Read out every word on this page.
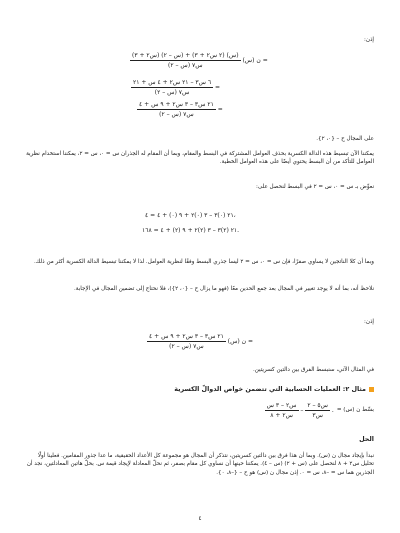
إذن:
$\frac{\text{(س٢ + ٣) (س – ٢) + (٢ س٢ + ٣) (س)}}{\text{س٧ (س – ٢)}}$ ن (س) =
$\frac{\text{٦ س٣ – ٢١ س٢ + ٤ س + ٢١}}{\text{س٧ (س – ٢)}}$ =
$\frac{\text{٢١ س٣ – ٣ س٢ + ٩ س + ٤}}{\text{س٧ (س – ٢)}}$ =
على المجال ح – {٠، ٢}.
يمكننا الآن تبسيط هذه الدالة الكسرية بحذف العوامل المشتركة في البسط والمقام، وبما أن المقام له الجذران س = ٠، س = ٢، يمكننا استخدام نظرية العوامل للتأكد من أن البسط يحتوي أيضًا على هذه العوامل الخطية.
نعوِّض بـ س = ٠، س = ٢ في البسط لنحصل على:
٢١ (٠)٣ – ٣ (٠)٢ + ٩ (٠) + ٤ = ٤،
٢١ (٢)٣ – ٣ (٢)٢ + ٩ (٢) + ٤ = ١٦٨.
وبما أن كلا الناتجين لا يساوي صفرًا، فإن س = ٠، س = ٢ ليسا جذري البسط وفقًا لنظرية العوامل. لذا لا يمكننا تبسيط الدالة الكسرية أكثر من ذلك.
نلاحظ أنه، بما أنه لا يوجد تغيير في المجال بعد جمع الحدين معًا (فهو ما يزال ح – {٠، ٢})، فلا نحتاج إلى تضمين المجال في الإجابة.
إذن:
$\frac{\text{٢١ س٣ – ٣ س٢ + ٩ س + ٤}}{\text{س٧ (س – ٢)}}$ ن (س) =
في المثال الآتي، سنبسط الفرق بين دالتين كسريتين.
مثال ٢: العمليات الحسابية التي تتضمن خواص الدوالّ الكسرية
بسِّط ن (س) =
$\frac{\text{س٢ – ٣ س}}{\text{س٢ + ٨}} - \frac{\text{س٥ – ٢}}{\text{س٣}}$ .
الحل
نبدأ بإيجاد مجال ن (س). وبما أن هذا فرق بين دالتين كسريتين، نتذكر أن المجال هو مجموعة كل الأعداد الحقيقية، ما عدا جذور المقامين. فعلينا أولًا تحليل س٢ + ٨ لنحصل على (س + ٢) (س – ٤). يمكننا حينها أن نساوي كل مقام بصفر، ثم نحلّ المعادلة لإيجاد قيمة س. بحلّ هاتين المعادلتين، نجد أن الجذرين هما س = –٨، س = ٠. إذن مجال ن (س) هو ح – {–٨، ٠}.
٤
